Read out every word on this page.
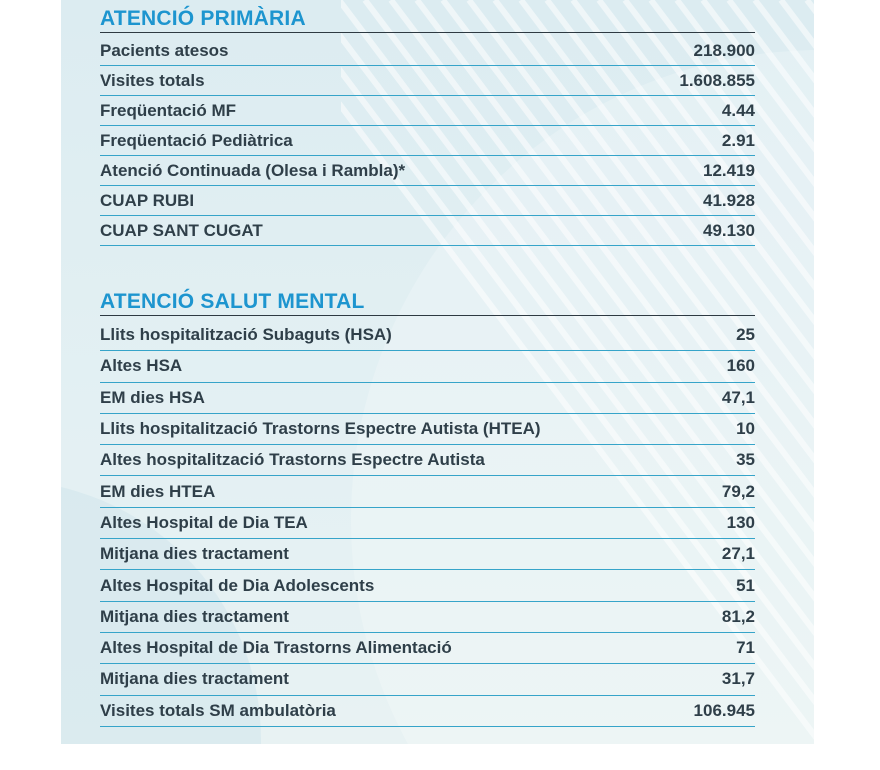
ATENCIÓ PRIMÀRIA
Pacients atesos	218.900
Visites totals	1.608.855
Freqüentació MF	4.44
Freqüentació Pediàtrica	2.91
Atenció Continuada (Olesa i Rambla)*	12.419
CUAP RUBI	41.928
CUAP SANT CUGAT	49.130
ATENCIÓ SALUT MENTAL
Llits hospitalització Subaguts (HSA)	25
Altes HSA	160
EM dies HSA	47,1
Llits hospitalització Trastorns Espectre Autista (HTEA)	10
Altes hospitalització Trastorns Espectre Autista	35
EM dies HTEA	79,2
Altes Hospital de Dia TEA	130
Mitjana dies tractament	27,1
Altes Hospital de Dia Adolescents	51
Mitjana dies tractament	81,2
Altes Hospital de Dia Trastorns Alimentació	71
Mitjana dies tractament	31,7
Visites totals SM ambulatòria	106.945
